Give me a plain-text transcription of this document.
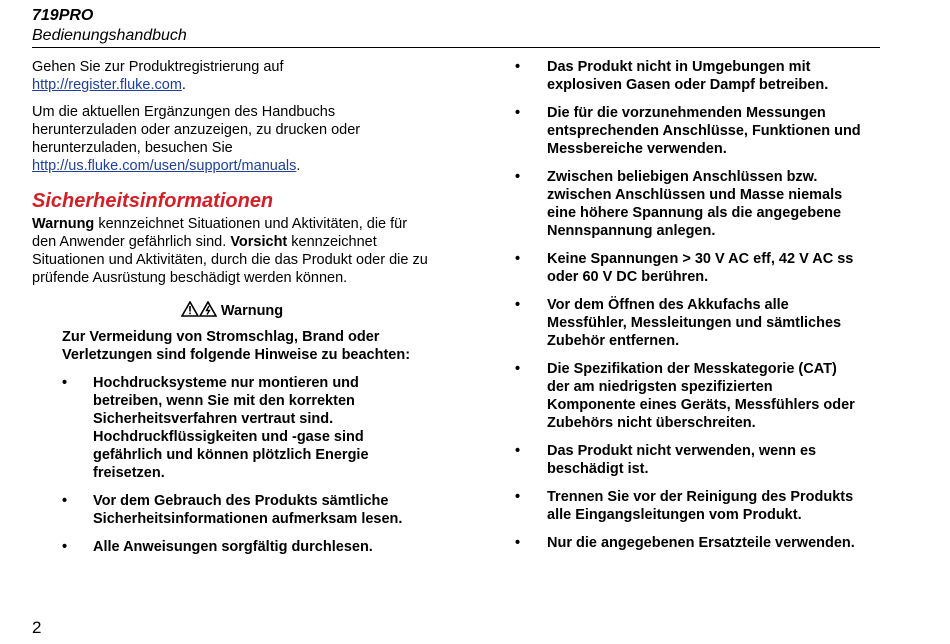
719PRO
Bedienungshandbuch

Gehen Sie zur Produktregistrierung auf
http://register.fluke.com.

Um die aktuellen Ergänzungen des Handbuchs herunterzuladen oder anzuzeigen, zu drucken oder herunterzuladen, besuchen Sie
http://us.fluke.com/usen/support/manuals.

Sicherheitsinformationen

Warnung kennzeichnet Situationen und Aktivitäten, die für den Anwender gefährlich sind. Vorsicht kennzeichnet Situationen und Aktivitäten, durch die das Produkt oder die zu prüfende Ausrüstung beschädigt werden können.

Warnung
Zur Vermeidung von Stromschlag, Brand oder Verletzungen sind folgende Hinweise zu beachten:
• Hochdrucksysteme nur montieren und betreiben, wenn Sie mit den korrekten Sicherheitsverfahren vertraut sind. Hochdruckflüssigkeiten und -gase sind gefährlich und können plötzlich Energie freisetzen.
• Vor dem Gebrauch des Produkts sämtliche Sicherheitsinformationen aufmerksam lesen.
• Alle Anweisungen sorgfältig durchlesen.
• Das Produkt nicht in Umgebungen mit explosiven Gasen oder Dampf betreiben.
• Die für die vorzunehmenden Messungen entsprechenden Anschlüsse, Funktionen und Messbereiche verwenden.
• Zwischen beliebigen Anschlüssen bzw. zwischen Anschlüssen und Masse niemals eine höhere Spannung als die angegebene Nennspannung anlegen.
• Keine Spannungen > 30 V AC eff, 42 V AC ss oder 60 V DC berühren.
• Vor dem Öffnen des Akkufachs alle Messfühler, Messleitungen und sämtliches Zubehör entfernen.
• Die Spezifikation der Messkategorie (CAT) der am niedrigsten spezifizierten Komponente eines Geräts, Messfühlers oder Zubehörs nicht überschreiten.
• Das Produkt nicht verwenden, wenn es beschädigt ist.
• Trennen Sie vor der Reinigung des Produkts alle Eingangsleitungen vom Produkt.
• Nur die angegebenen Ersatzteile verwenden.
2
